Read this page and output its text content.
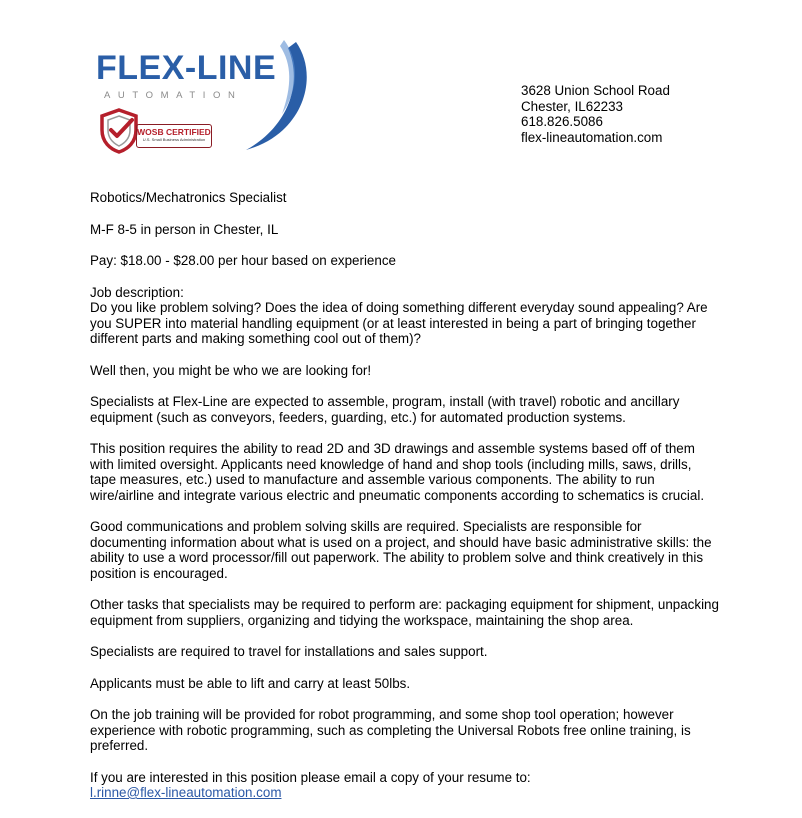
FLEX-LINE
AUTOMATION
WOSB CERTIFIED
U.S. Small Business Administration
3628 Union School Road
Chester, IL62233
618.826.5086
flex-lineautomation.com

Robotics/Mechatronics Specialist

M-F 8-5 in person in Chester, IL

Pay: $18.00 - $28.00 per hour based on experience

Job description:
Do you like problem solving? Does the idea of doing something different everyday sound appealing? Are you SUPER into material handling equipment (or at least interested in being a part of bringing together different parts and making something cool out of them)?

Well then, you might be who we are looking for!

Specialists at Flex-Line are expected to assemble, program, install (with travel) robotic and ancillary equipment (such as conveyors, feeders, guarding, etc.) for automated production systems.

This position requires the ability to read 2D and 3D drawings and assemble systems based off of them with limited oversight. Applicants need knowledge of hand and shop tools (including mills, saws, drills, tape measures, etc.) used to manufacture and assemble various components. The ability to run wire/airline and integrate various electric and pneumatic components according to schematics is crucial.

Good communications and problem solving skills are required. Specialists are responsible for documenting information about what is used on a project, and should have basic administrative skills: the ability to use a word processor/fill out paperwork. The ability to problem solve and think creatively in this position is encouraged.

Other tasks that specialists may be required to perform are: packaging equipment for shipment, unpacking equipment from suppliers, organizing and tidying the workspace, maintaining the shop area.

Specialists are required to travel for installations and sales support.

Applicants must be able to lift and carry at least 50lbs.

On the job training will be provided for robot programming, and some shop tool operation; however experience with robotic programming, such as completing the Universal Robots free online training, is preferred.

If you are interested in this position please email a copy of your resume to:
l.rinne@flex-lineautomation.com
